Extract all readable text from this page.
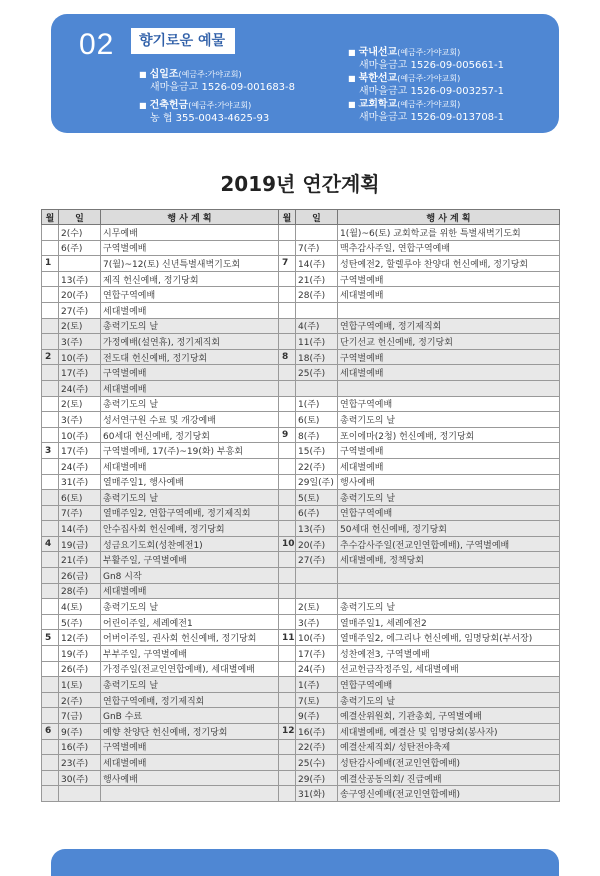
02	향기로운 예물
■ 십일조(예금주:가야교회)
새마을금고 1526-09-001683-8
■ 건축헌금(예금주:가야교회)
농 협 355-0043-4625-93
■ 국내선교(예금주:가야교회)
새마을금고 1526-09-005661-1
■ 북한선교(예금주:가야교회)
새마을금고 1526-09-003257-1
■ 교회학교(예금주:가야교회)
새마을금고 1526-09-013708-1
2019년 연간계획
월	일	행 사 계 획	월	일	행 사 계 획
	2(수)	시무예배			1(월)~6(토) 교회학교를 위한 특별새벽기도회
	6(주)	구역별예배		7(주)	맥추감사주일, 연합구역예배
1		7(월)~12(토) 신년특별새벽기도회	7	14(주)	성탄예전2, 할렐루야 찬양대 헌신예배, 정기당회
	13(주)	제직 헌신예배, 정기당회		21(주)	구역별예배
	20(주)	연합구역예배		28(주)	세대별예배
	27(주)	세대별예배			
	2(토)	총력기도의 날		4(주)	연합구역예배, 정기제직회
	3(주)	가정예배(설연휴), 정기제직회		11(주)	단기선교 헌신예배, 정기당회
2	10(주)	전도대 헌신예배, 정기당회	8	18(주)	구역별예배
	17(주)	구역별예배		25(주)	세대별예배
	24(주)	세대별예배			
	2(토)	총력기도의 날		1(주)	연합구역예배
	3(주)	성서연구원 수료 및 개강예배		6(토)	총력기도의 날
	10(주)	60세대 헌신예배, 정기당회	9	8(주)	포이에마(2청) 헌신예배, 정기당회
3	17(주)	구역별예배, 17(주)~19(화) 부흥회		15(주)	구역별예배
	24(주)	세대별예배		22(주)	세대별예배
	31(주)	열매주일1, 행사예배		29일(주)	행사예배
	6(토)	총력기도의 날		5(토)	총력기도의 날
	7(주)	열매주일2, 연합구역예배, 정기제직회		6(주)	연합구역예배
	14(주)	안수집사회 헌신예배, 정기당회		13(주)	50세대 헌신예배, 정기당회
4	19(금)	성금요기도회(성찬예전1)	10	20(주)	추수감사주일(전교인연합예배), 구역별예배
	21(주)	부활주일, 구역별예배		27(주)	세대별예배, 정책당회
	26(금)	Gn8 시작			
	28(주)	세대별예배			
	4(토)	총력기도의 날		2(토)	총력기도의 날
	5(주)	어린이주일, 세례예전1		3(주)	열매주일1, 세례예전2
5	12(주)	어버이주일, 권사회 헌신예배, 정기당회	11	10(주)	열매주일2, 에그리나 헌신예배, 임명당회(부서장)
	19(주)	부부주일, 구역별예배		17(주)	성찬예전3, 구역별예배
	26(주)	가정주일(전교인연합예배), 세대별예배		24(주)	선교헌금작정주일, 세대별예배
	1(토)	총력기도의 날		1(주)	연합구역예배
	2(주)	연합구역예배, 정기제직회		7(토)	총력기도의 날
	7(금)	GnB 수료		9(주)	예결산위원회, 기관총회, 구역별예배
6	9(주)	예향 찬양단 헌신예배, 정기당회	12	16(주)	세대별예배, 예결산 및 임명당회(봉사자)
	16(주)	구역별예배		22(주)	예결산제직회/ 성탄전야축제
	23(주)	세대별예배		25(수)	성탄감사예배(전교인연합예배)
	30(주)	행사예배		29(주)	예결산공동의회/ 진급예배
				31(화)	송구영신예배(전교인연합예배)
